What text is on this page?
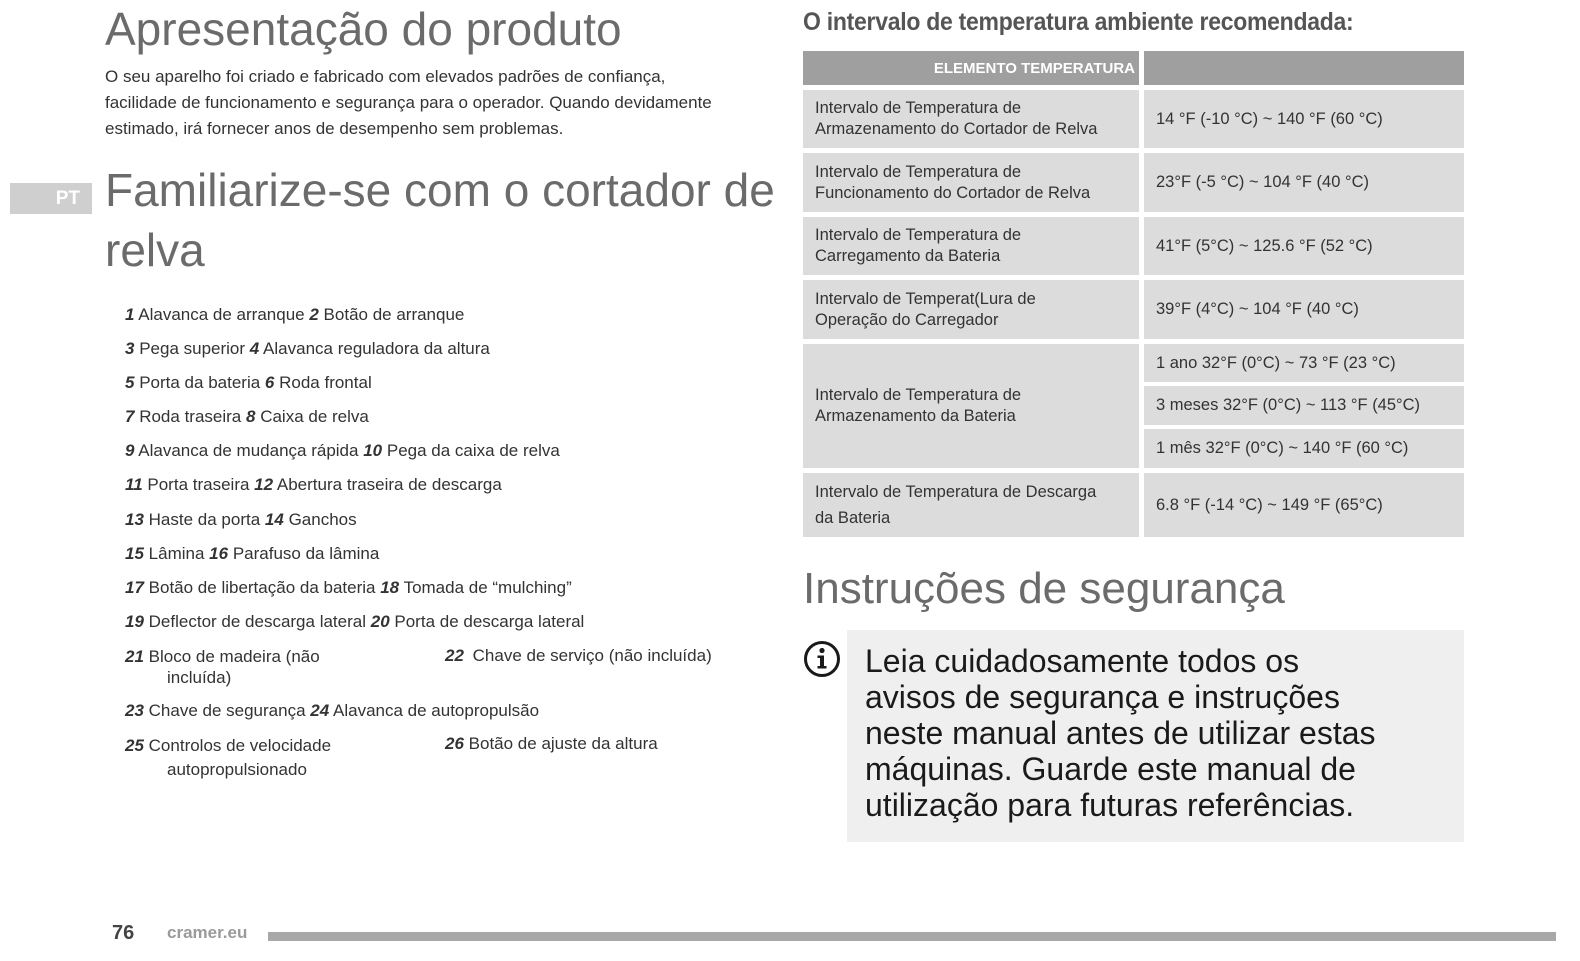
Apresentação do produto
O seu aparelho foi criado e fabricado com elevados padrões de confiança,
facilidade de funcionamento e segurança para o operador. Quando devidamente
estimado, irá fornecer anos de desempenho sem problemas.
PT Familiarize-se com o cortador de
relva
1 Alavanca de arranque 2 Botão de arranque
3 Pega superior 4 Alavanca reguladora da altura
5 Porta da bateria 6 Roda frontal
7 Roda traseira 8 Caixa de relva
9 Alavanca de mudança rápida 10 Pega da caixa de relva
11 Porta traseira 12 Abertura traseira de descarga
13 Haste da porta 14 Ganchos
15 Lâmina 16 Parafuso da lâmina
17 Botão de libertação da bateria 18 Tomada de “mulching”
19 Deflector de descarga lateral 20 Porta de descarga lateral
21 Bloco de madeira (não
incluída)
22 Chave de serviço (não incluída)
23 Chave de segurança 24 Alavanca de autopropulsão
25 Controlos de velocidade
autopropulsionado
26 Botão de ajuste da altura
O intervalo de temperatura ambiente recomendada:
ELEMENTO TEMPERATURA
Intervalo de Temperatura de
Armazenamento do Cortador de Relva
14 °F (-10 °C) ~ 140 °F (60 °C)
Intervalo de Temperatura de
Funcionamento do Cortador de Relva
23°F (-5 °C) ~ 104 °F (40 °C)
Intervalo de Temperatura de
Carregamento da Bateria
41°F (5°C) ~ 125.6 °F (52 °C)
Intervalo de Temperat(Lura de
Operação do Carregador
39°F (4°C) ~ 104 °F (40 °C)
Intervalo de Temperatura de
Armazenamento da Bateria
1 ano 32°F (0°C) ~ 73 °F (23 °C)
3 meses 32°F (0°C) ~ 113 °F (45°C)
1 mês 32°F (0°C) ~ 140 °F (60 °C)
Intervalo de Temperatura de Descarga
da Bateria
6.8 °F (-14 °C) ~ 149 °F (65°C)
Instruções de segurança
Leia cuidadosamente todos os
avisos de segurança e instruções
neste manual antes de utilizar estas
máquinas. Guarde este manual de
utilização para futuras referências.
76 cramer.eu
